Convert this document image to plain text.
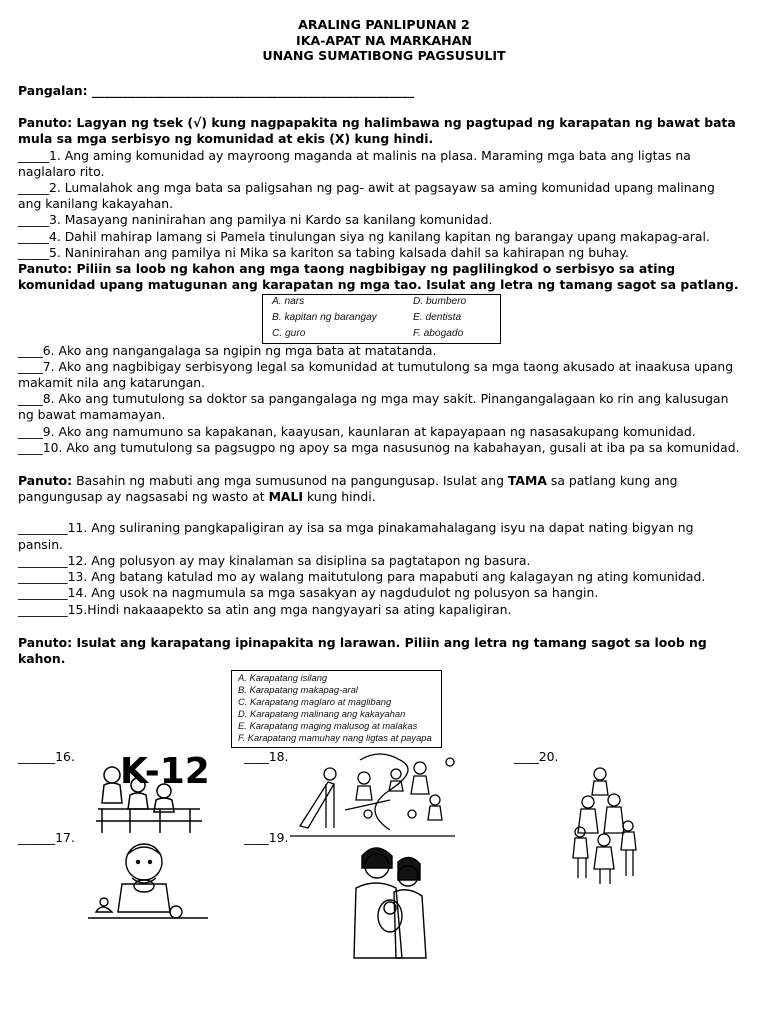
ARALING PANLIPUNAN 2
IKA-APAT NA MARKAHAN
UNANG SUMATIBONG PAGSUSULIT
Pangalan: ____________________________________________________
Panuto: Lagyan ng tsek (√) kung nagpapakita ng halimbawa ng pagtupad ng karapatan ng bawat bata
mula sa mga serbisyo ng komunidad at ekis (X) kung hindi.
_____1. Ang aming komunidad ay mayroong maganda at malinis na plasa. Maraming mga bata ang ligtas na
naglalaro rito.
_____2. Lumalahok ang mga bata sa paligsahan ng pag- awit at pagsayaw sa aming komunidad upang malinang
ang kanilang kakayahan.
_____3. Masayang naninirahan ang pamilya ni Kardo sa kanilang komunidad.
_____4. Dahil mahirap lamang si Pamela tinulungan siya ng kanilang kapitan ng barangay upang makapag-aral.
_____5. Naninirahan ang pamilya ni Mika sa kariton sa tabing kalsada dahil sa kahirapan ng buhay.
Panuto: Piliin sa loob ng kahon ang mga taong nagbibigay ng paglilingkod o serbisyo sa ating
komunidad upang matugunan ang karapatan ng mga tao. Isulat ang letra ng tamang sagot sa patlang.
A. nars	D. bumbero
B. kapitan ng barangay	E. dentista
C. guro	F. abogado
____6. Ako ang nangangalaga sa ngipin ng mga bata at matatanda.
____7. Ako ang nagbibigay serbisyong legal sa komunidad at tumutulong sa mga taong akusado at inaakusa upang
makamit nila ang katarungan.
____8. Ako ang tumutulong sa doktor sa pangangalaga ng mga may sakit. Pinangangalagaan ko rin ang kalusugan
ng bawat mamamayan.
____9. Ako ang namumuno sa kapakanan, kaayusan, kaunlaran at kapayapaan ng nasasakupang komunidad.
____10. Ako ang tumutulong sa pagsugpo ng apoy sa mga nasusunog na kabahayan, gusali at iba pa sa komunidad.
Panuto: Basahin ng mabuti ang mga sumusunod na pangungusap. Isulat ang TAMA sa patlang kung ang
pangungusap ay nagsasabi ng wasto at MALI kung hindi.
________11. Ang suliraning pangkapaligiran ay isa sa mga pinakamahalagang isyu na dapat nating bigyan ng
pansin.
________12. Ang polusyon ay may kinalaman sa disiplina sa pagtatapon ng basura.
________13. Ang batang katulad mo ay walang maitutulong para mapabuti ang kalagayan ng ating komunidad.
________14. Ang usok na nagmumula sa mga sasakyan ay nagdudulot ng polusyon sa hangin.
________15.Hindi nakaaapekto sa atin ang mga nangyayari sa ating kapaligiran.
Panuto: Isulat ang karapatang ipinapakita ng larawan. Piliin ang letra ng tamang sagot sa loob ng
kahon.
A. Karapatang isilang
B. Karapatang makapag-aral
C. Karapatang maglaro at maglibang
D. Karapatang malinang ang kakayahan
E. Karapatang maging malusog at malakas
F. Karapatang mamuhay nang ligtas at payapa
______16.	____18.	____20.
______17.	____19.
K-12
